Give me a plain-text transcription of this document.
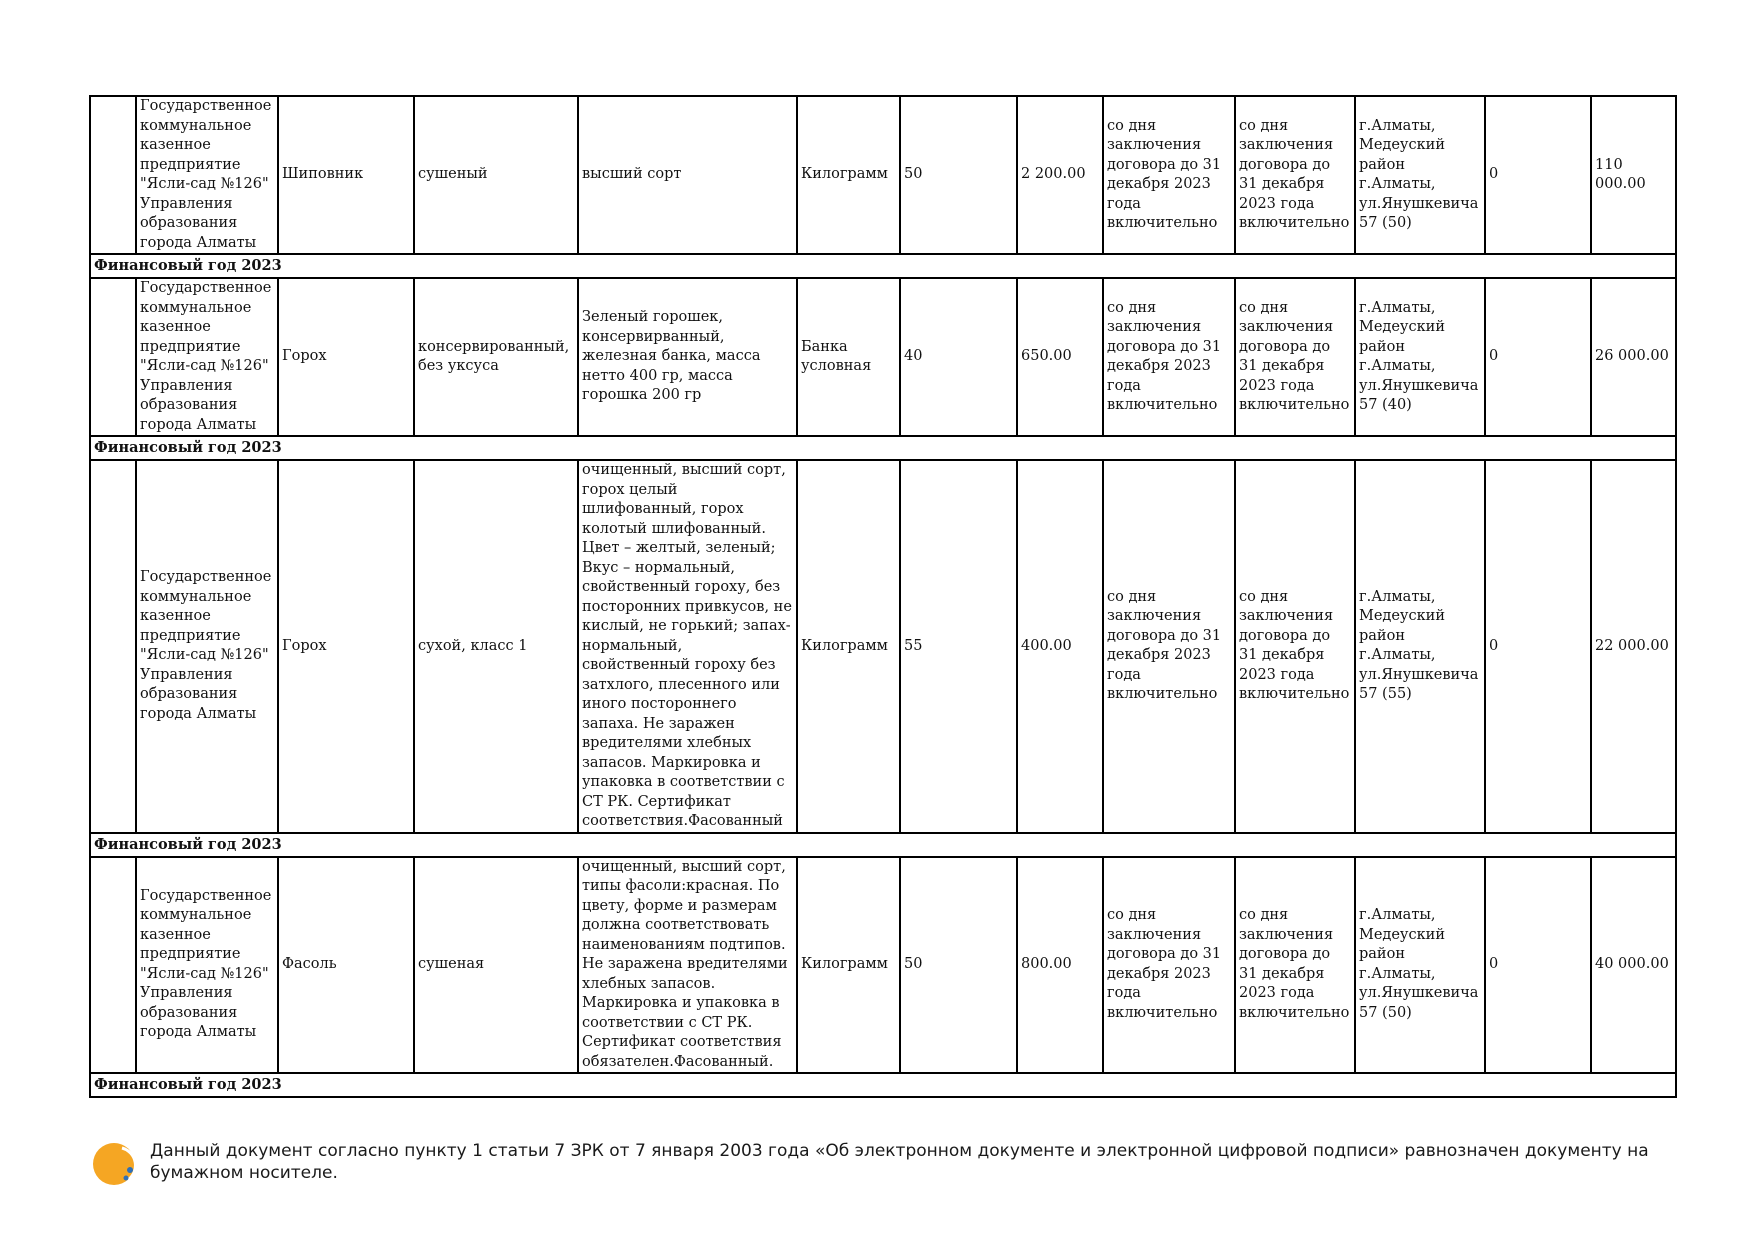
	Государственное коммунальное казенное предприятие "Ясли-сад №126" Управления образования города Алматы	Шиповник	сушеный	высший сорт	Килограмм	50	2 200.00	со дня заключения договора до 31 декабря 2023 года включительно	со дня заключения договора до 31 декабря 2023 года включительно	г.Алматы, Медеуский район г.Алматы, ул.Янушкевича 57 (50)	0	110 000.00
Финансовый год 2023												
	Государственное коммунальное казенное предприятие "Ясли-сад №126" Управления образования города Алматы	Горох	консервированный, без уксуса	Зеленый горошек, консервирванный, железная банка, масса нетто 400 гр, масса горошка 200 гр	Банка условная	40	650.00	со дня заключения договора до 31 декабря 2023 года включительно	со дня заключения договора до 31 декабря 2023 года включительно	г.Алматы, Медеуский район г.Алматы, ул.Янушкевича 57 (40)	0	26 000.00
Финансовый год 2023												
	Государственное коммунальное казенное предприятие "Ясли-сад №126" Управления образования города Алматы	Горох	сухой, класс 1	очищенный, высший сорт, горох целый шлифованный, горох колотый шлифованный. Цвет – желтый, зеленый; Вкус – нормальный, свойственный гороху, без посторонних привкусов, не кислый, не горький; запах- нормальный, свойственный гороху без затхлого, плесенного или иного постороннего запаха. Не заражен вредителями хлебных запасов. Маркировка и упаковка в соответствии с СТ РК. Сертификат соответствия.Фасованный	Килограмм	55	400.00	со дня заключения договора до 31 декабря 2023 года включительно	со дня заключения договора до 31 декабря 2023 года включительно	г.Алматы, Медеуский район г.Алматы, ул.Янушкевича 57 (55)	0	22 000.00
Финансовый год 2023												
	Государственное коммунальное казенное предприятие "Ясли-сад №126" Управления образования города Алматы	Фасоль	сушеная	очищенный, высший сорт, типы фасоли:красная. По цвету, форме и размерам должна соответствовать наименованиям подтипов. Не заражена вредителями хлебных запасов. Маркировка и упаковка в соответствии с СТ РК. Сертификат соответствия обязателен.Фасованный.	Килограмм	50	800.00	со дня заключения договора до 31 декабря 2023 года включительно	со дня заключения договора до 31 декабря 2023 года включительно	г.Алматы, Медеуский район г.Алматы, ул.Янушкевича 57 (50)	0	40 000.00
Финансовый год 2023												
Данный документ согласно пункту 1 статьи 7 ЗРК от 7 января 2003 года «Об электронном документе и электронной цифровой подписи» равнозначен документу на бумажном носителе.
